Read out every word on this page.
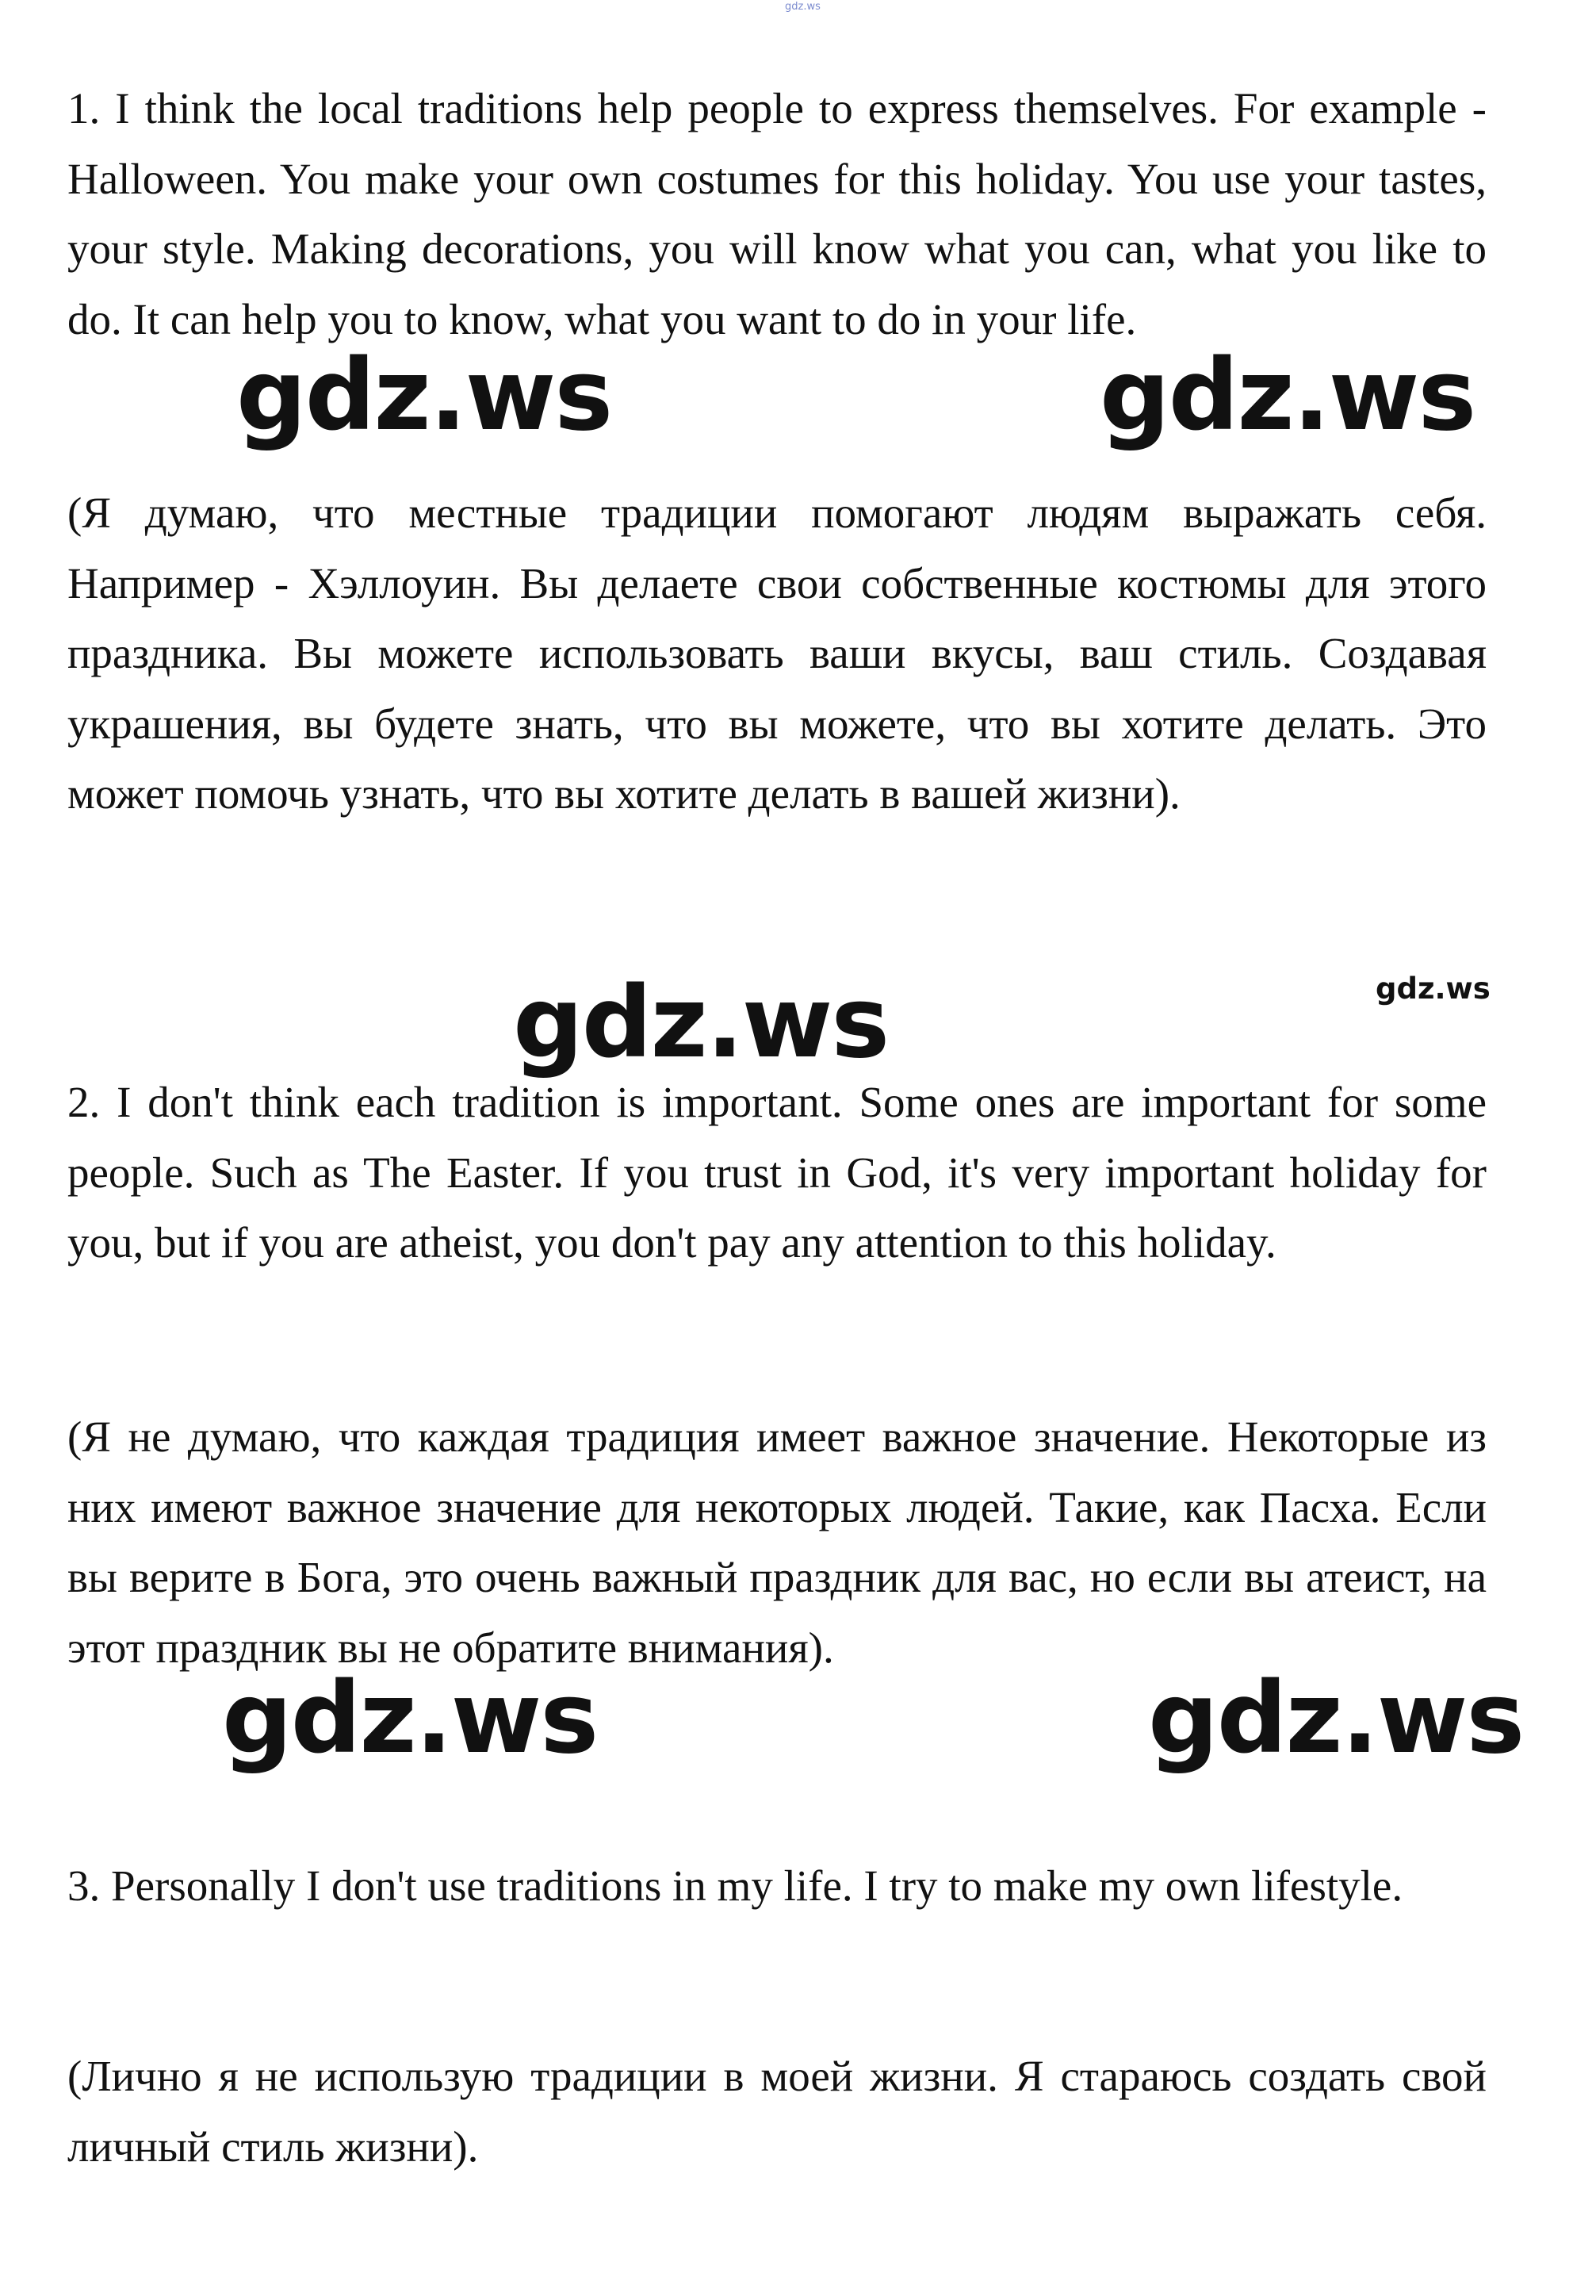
gdz.ws

1. I think the local traditions help people to express themselves. For example - Halloween. You make your own costumes for this holiday. You use your tastes, your style. Making decorations, you will know what you can, what you like to do. It can help you to know, what you want to do in your life.

(Я думаю, что местные традиции помогают людям выражать себя. Например - Хэллоуин. Вы делаете свои собственные костюмы для этого праздника. Вы можете использовать ваши вкусы, ваш стиль. Создавая украшения, вы будете знать, что вы можете, что вы хотите делать. Это может помочь узнать, что вы хотите делать в вашей жизни).

2. I don't think each tradition is important. Some ones are important for some people. Such as The Easter. If you trust in God, it's very important holiday for you, but if you are atheist, you don't pay any attention to this holiday.

(Я не думаю, что каждая традиция имеет важное значение. Некоторые из них имеют важное значение для некоторых людей. Такие, как Пасха. Если вы верите в Бога, это очень важный праздник для вас, но если вы атеист, на этот праздник вы не обратите внимания).

3. Personally I don't use traditions in my life. I try to make my own lifestyle.

(Лично я не использую традиции в моей жизни. Я стараюсь создать свой личный стиль жизни).

gdz.ws	gdz.ws
gdz.ws	gdz.ws
gdz.ws	gdz.ws
